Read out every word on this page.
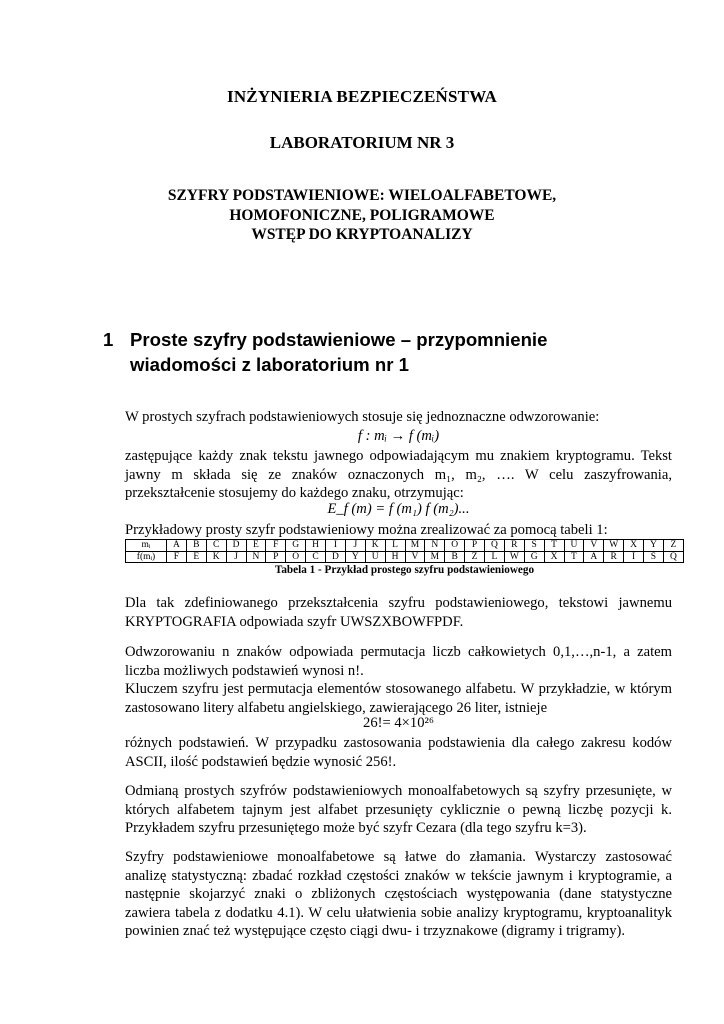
INŻYNIERIA BEZPIECZEŃSTWA
LABORATORIUM NR 3
SZYFRY PODSTAWIENIOWE: WIELOALFABETOWE,
HOMOFONICZNE, POLIGRAMOWE
WSTĘP DO KRYPTOANALIZY
1 Proste szyfry podstawieniowe – przypomnienie
wiadomości z laboratorium nr 1
W prostych szyfrach podstawieniowych stosuje się jednoznaczne odwzorowanie:
f : mᵢ → f (mᵢ)
zastępujące każdy znak tekstu jawnego odpowiadającym mu znakiem kryptogramu. Tekst
jawny m składa się ze znaków oznaczonych m₁, m₂, …. W celu zaszyfrowania,
przekształcenie stosujemy do każdego znaku, otrzymując:
E_f (m) = f (m₁) f (m₂)...
Przykładowy prosty szyfr podstawieniowy można zrealizować za pomocą tabeli 1:
mᵢ	A	B	C	D	E	F	G	H	I	J	K	L	M	N	O	P	Q	R	S	T	U	V	W	X	Y	Z
f(mᵢ)	F	E	K	J	N	P	O	C	D	Y	U	H	V	M	B	Z	L	W	G	X	T	A	R	I	S	Q
Tabela 1 - Przykład prostego szyfru podstawieniowego
Dla tak zdefiniowanego przekształcenia szyfru podstawieniowego, tekstowi jawnemu KRYPTOGRAFIA odpowiada szyfr UWSZXBOWFPDF.
Odwzorowaniu n znaków odpowiada permutacja liczb całkowietych 0,1,…,n-1, a zatem
liczba możliwych podstawień wynosi n!.
Kluczem szyfru jest permutacja elementów stosowanego alfabetu. W przykładzie, w którym
zastosowano litery alfabetu angielskiego, zawierającego 26 liter, istnieje
26!= 4×10²⁶
różnych podstawień. W przypadku zastosowania podstawienia dla całego zakresu kodów
ASCII, ilość podstawień będzie wynosić 256!.
Odmianą prostych szyfrów podstawieniowych monoalfabetowych są szyfry przesunięte, w których alfabetem tajnym jest alfabet przesunięty cyklicznie o pewną liczbę pozycji k. Przykładem szyfru przesuniętego może być szyfr Cezara (dla tego szyfru k=3).
Szyfry podstawieniowe monoalfabetowe są łatwe do złamania. Wystarczy zastosować analizę statystyczną: zbadać rozkład częstości znaków w tekście jawnym i kryptogramie, a następnie skojarzyć znaki o zbliżonych częstościach występowania (dane statystyczne zawiera tabela z dodatku 4.1). W celu ułatwienia sobie analizy kryptogramu, kryptoanalityk powinien znać też występujące często ciągi dwu- i trzyznakowe (digramy i trigramy).
